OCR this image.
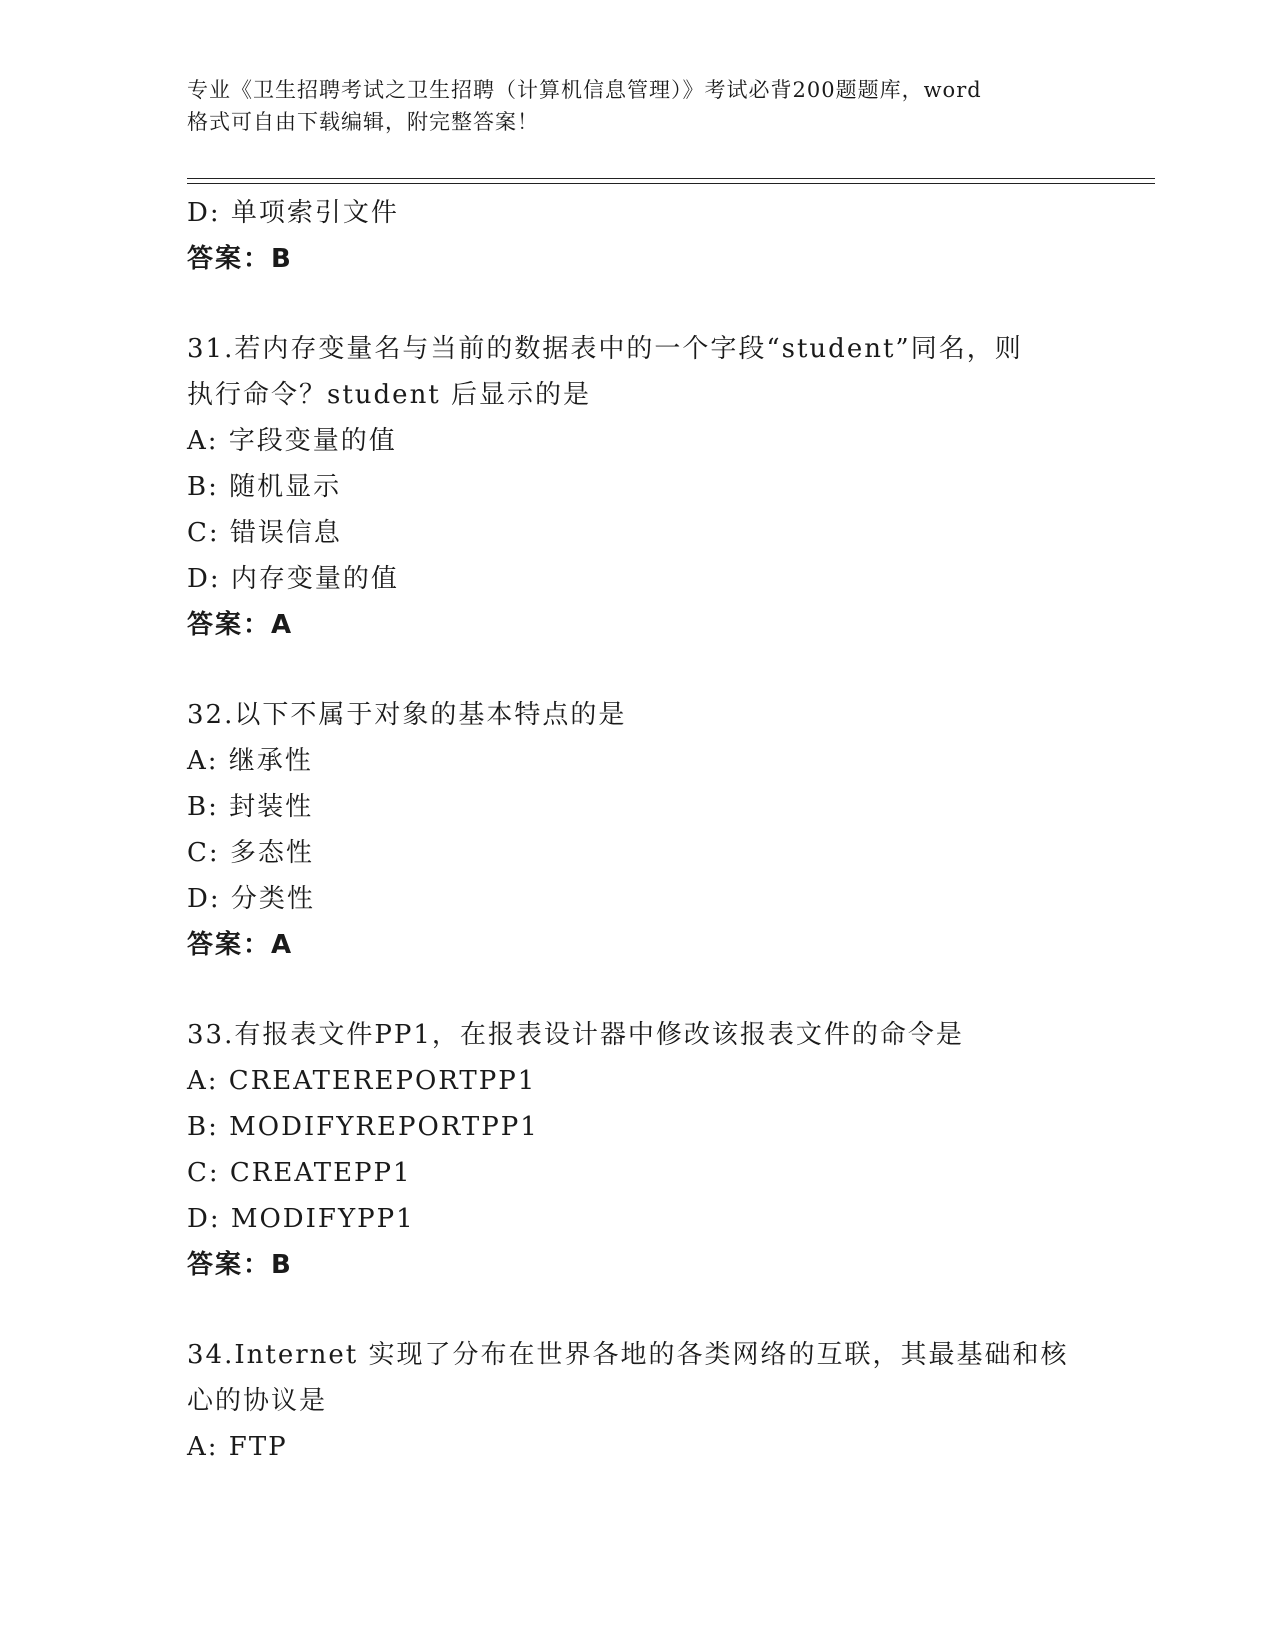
专业《卫生招聘考试之卫生招聘（计算机信息管理）》考试必背200题题库，word
格式可自由下载编辑，附完整答案！
D: 单项索引文件
答案：B
31.若内存变量名与当前的数据表中的一个字段“student”同名，则
执行命令？student 后显示的是
A: 字段变量的值
B: 随机显示
C: 错误信息
D: 内存变量的值
答案：A
32.以下不属于对象的基本特点的是
A: 继承性
B: 封装性
C: 多态性
D: 分类性
答案：A
33.有报表文件PP1，在报表设计器中修改该报表文件的命令是
A: CREATEREPORTPP1
B: MODIFYREPORTPP1
C: CREATEPP1
D: MODIFYPP1
答案：B
34.Internet 实现了分布在世界各地的各类网络的互联，其最基础和核
心的协议是
A: FTP
